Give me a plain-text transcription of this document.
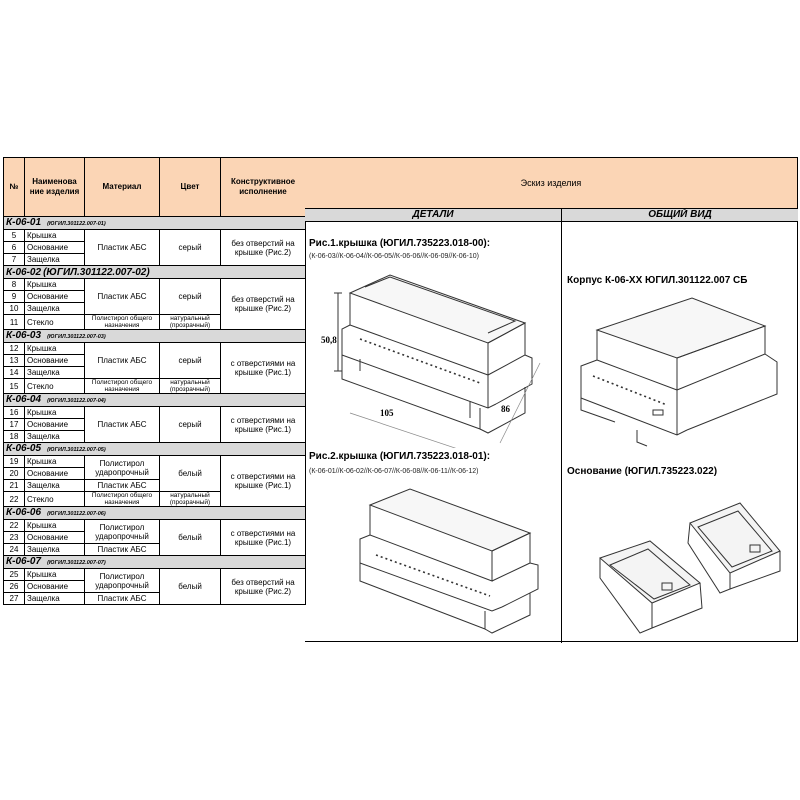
№	Наименова ние изделия	Материал	Цвет	Конструктивное исполнение
К-06-01 (ЮГИЛ.301122.007-01)				
5	Крышка	Пластик АБС	серый	без отверстий на крышке (Рис.2)
6	Основание			
7	Защелка			
К-06-02 (ЮГИЛ.301122.007-02)				
8	Крышка	Пластик АБС	серый	без отверстий на крышке (Рис.2)
9	Основание			
10	Защелка			
11	Стекло	Полистирол общего назначения	натуральный (прозрачный)	
К-06-03 (ЮГИЛ.301122.007-03)				
12	Крышка	Пластик АБС	серый	с отверстиями на крышке (Рис.1)
13	Основание			
14	Защелка			
15	Стекло	Полистирол общего назначения	натуральный (прозрачный)	
К-06-04 (ЮГИЛ.301122.007-04)				
16	Крышка	Пластик АБС	серый	с отверстиями на крышке (Рис.1)
17	Основание			
18	Защелка			
К-06-05 (ЮГИЛ.301122.007-05)				
19	Крышка	Полистирол ударопрочный	белый	с отверстиями на крышке (Рис.1)
20	Основание			
21	Защелка	Пластик АБС		
22	Стекло	Полистирол общего назначения	натуральный (прозрачный)	
К-06-06 (ЮГИЛ.301122.007-06)				
22	Крышка	Полистирол ударопрочный	белый	с отверстиями на крышке (Рис.1)
23	Основание			
24	Защелка	Пластик АБС		
К-06-07 (ЮГИЛ.301122.007-07)				
25	Крышка	Полистирол ударопрочный	белый	без отверстий на крышке (Рис.2)
26	Основание			
27	Защелка	Пластик АБС		
Эскиз изделия
ДЕТАЛИ	ОБЩИЙ ВИД
Рис.1.крышка (ЮГИЛ.735223.018-00):
(К-06-03//К-06-04//К-06-05//К-06-06//К-06-09//К-06-10)
50,8
105	86
Рис.2.крышка (ЮГИЛ.735223.018-01):
(К-06-01//К-06-02//К-06-07//К-06-08//К-06-11//К-06-12)
Корпус К-06-ХХ ЮГИЛ.301122.007 СБ
Основание (ЮГИЛ.735223.022)
